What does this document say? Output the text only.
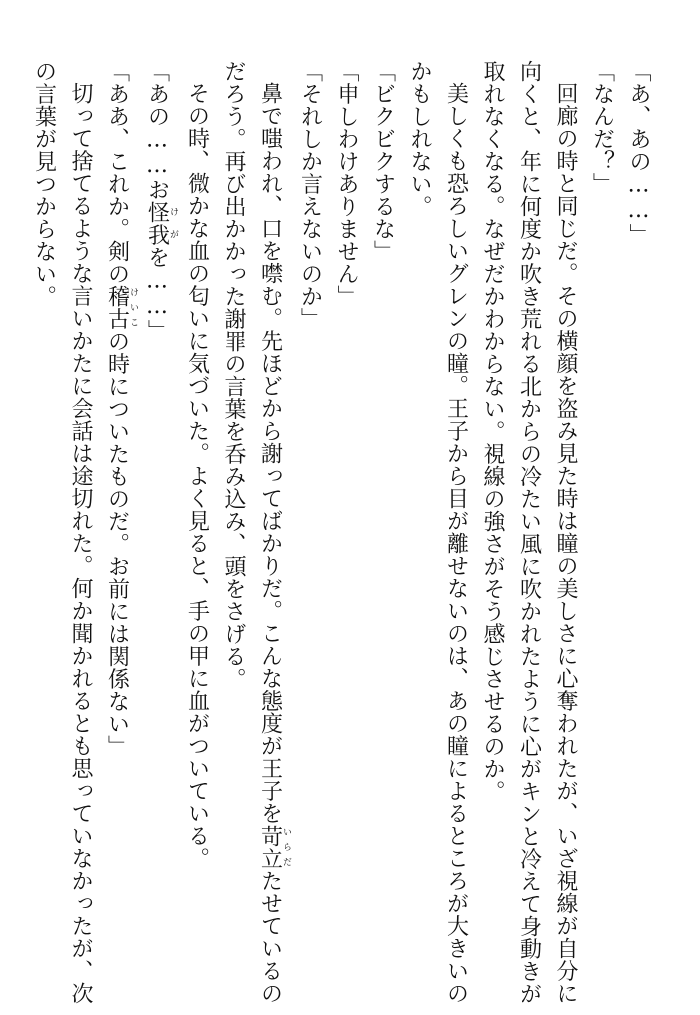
「あ、あの……」
「なんだ？」
回廊の時と同じだ。その横顔を盗み見た時は瞳の美しさに心奪われたが、いざ視線が自分に
向くと、年に何度か吹き荒れる北からの冷たい風に吹かれたように心がキンと冷えて身動きが
取れなくなる。なぜだかわからない。視線の強さがそう感じさせるのか。
美しくも恐ろしいグレンの瞳。王子から目が離せないのは、あの瞳によるところが大きいの
かもしれない。
「ビクビクするな」
「申しわけありません」
「それしか言えないのか」
鼻で嗤われ、口を噤む。先ほどから謝ってばかりだ。こんな態度が王子を苛立いらだたせているの
だろう。再び出かかった謝罪の言葉を呑み込み、頭をさげる。
その時、微かな血の匂いに気づいた。よく見ると、手の甲に血がついている。
「あの……お怪我けがを……」
「ああ、これか。剣の稽古けいこの時についたものだ。お前には関係ない」
切って捨てるような言いかたに会話は途切れた。何か聞かれるとも思っていなかったが、次
の言葉が見つからない。
